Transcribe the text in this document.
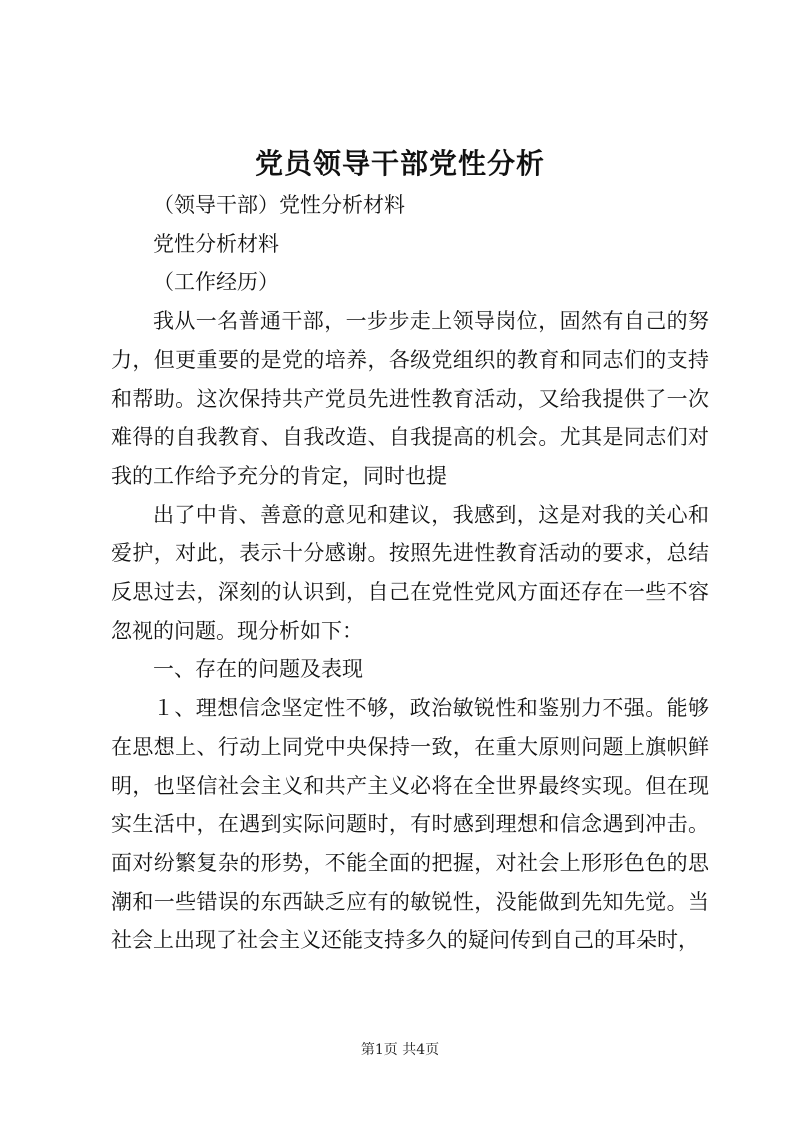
党员领导干部党性分析

（领导干部）党性分析材料

党性分析材料

（工作经历）

我从一名普通干部，一步步走上领导岗位，固然有自己的努力，但更重要的是党的培养，各级党组织的教育和同志们的支持和帮助。这次保持共产党员先进性教育活动，又给我提供了一次难得的自我教育、自我改造、自我提高的机会。尤其是同志们对我的工作给予充分的肯定，同时也提

出了中肯、善意的意见和建议，我感到，这是对我的关心和爱护，对此，表示十分感谢。按照先进性教育活动的要求，总结反思过去，深刻的认识到，自己在党性党风方面还存在一些不容忽视的问题。现分析如下：

一、存在的问题及表现

１、理想信念坚定性不够，政治敏锐性和鉴别力不强。能够在思想上、行动上同党中央保持一致，在重大原则问题上旗帜鲜明，也坚信社会主义和共产主义必将在全世界最终实现。但在现实生活中，在遇到实际问题时，有时感到理想和信念遇到冲击。面对纷繁复杂的形势，不能全面的把握，对社会上形形色色的思潮和一些错误的东西缺乏应有的敏锐性，没能做到先知先觉。当社会上出现了社会主义还能支持多久的疑问传到自己的耳朵时，

第1页 共4页
